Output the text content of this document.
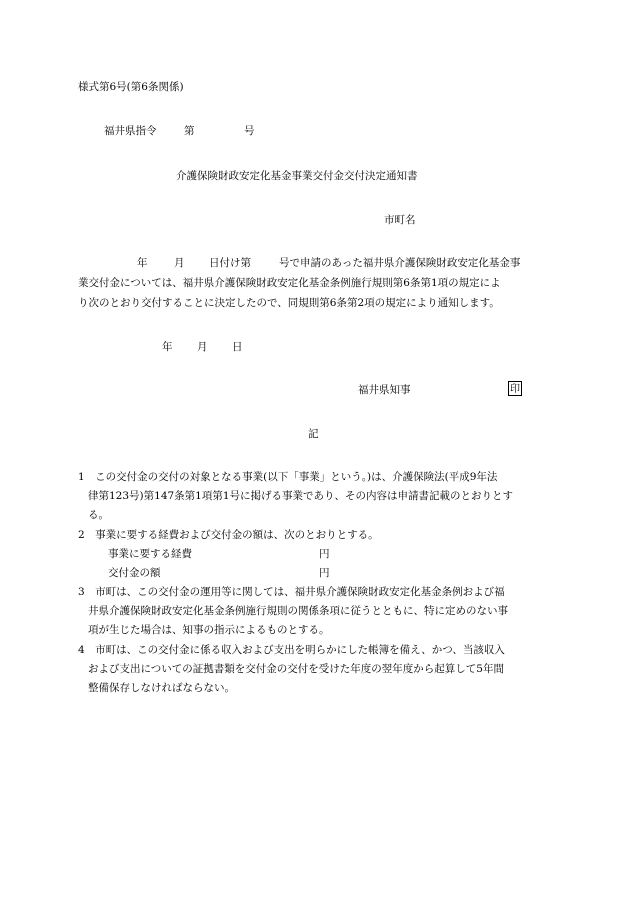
様式第6号(第6条関係)
福井県指令	第	号
介護保険財政安定化基金事業交付金交付決定通知書
市町名
年	月 日付け第	号で申請のあった福井県介護保険財政安定化基金事
業交付金については、福井県介護保険財政安定化基金条例施行規則第6条第1項の規定によ
り次のとおり交付することに決定したので、同規則第6条第2項の規定により通知します。
年 月 日
福井県知事	印
記
1　この交付金の交付の対象となる事業(以下「事業」という。)は、介護保険法(平成9年法
律第123号)第147条第1項第1号に掲げる事業であり、その内容は申請書記載のとおりとす
る。
2　事業に要する経費および交付金の額は、次のとおりとする。
事業に要する経費	円
交付金の額	円
3　市町は、この交付金の運用等に関しては、福井県介護保険財政安定化基金条例および福
井県介護保険財政安定化基金条例施行規則の関係条項に従うとともに、特に定めのない事
項が生じた場合は、知事の指示によるものとする。
4　市町は、この交付金に係る収入および支出を明らかにした帳簿を備え、かつ、当該収入
および支出についての証拠書類を交付金の交付を受けた年度の翌年度から起算して5年間
整備保存しなければならない。
